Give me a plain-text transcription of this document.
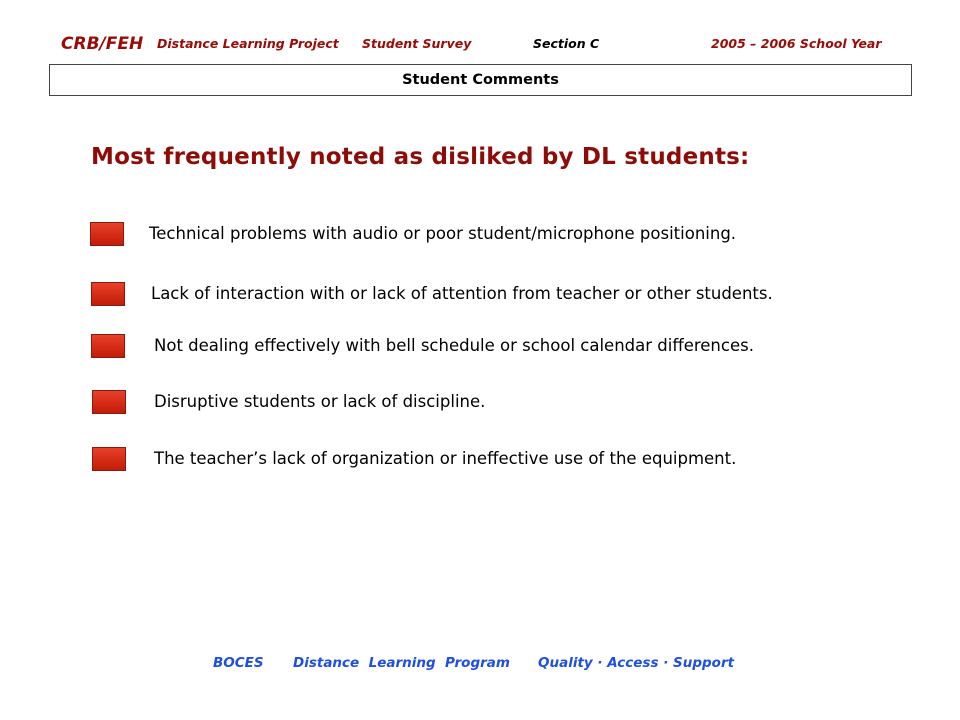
CRB/FEH Distance Learning Project Student Survey	Section C	2005 – 2006 School Year
Student Comments
Most frequently noted as disliked by DL students:
Technical problems with audio or poor student/microphone positioning.
Lack of interaction with or lack of attention from teacher or other students.
Not dealing effectively with bell schedule or school calendar differences.
Disruptive students or lack of discipline.
The teacher’s lack of organization or ineffective use of the equipment.
BOCES Distance  Learning  Program Quality · Access · Support
